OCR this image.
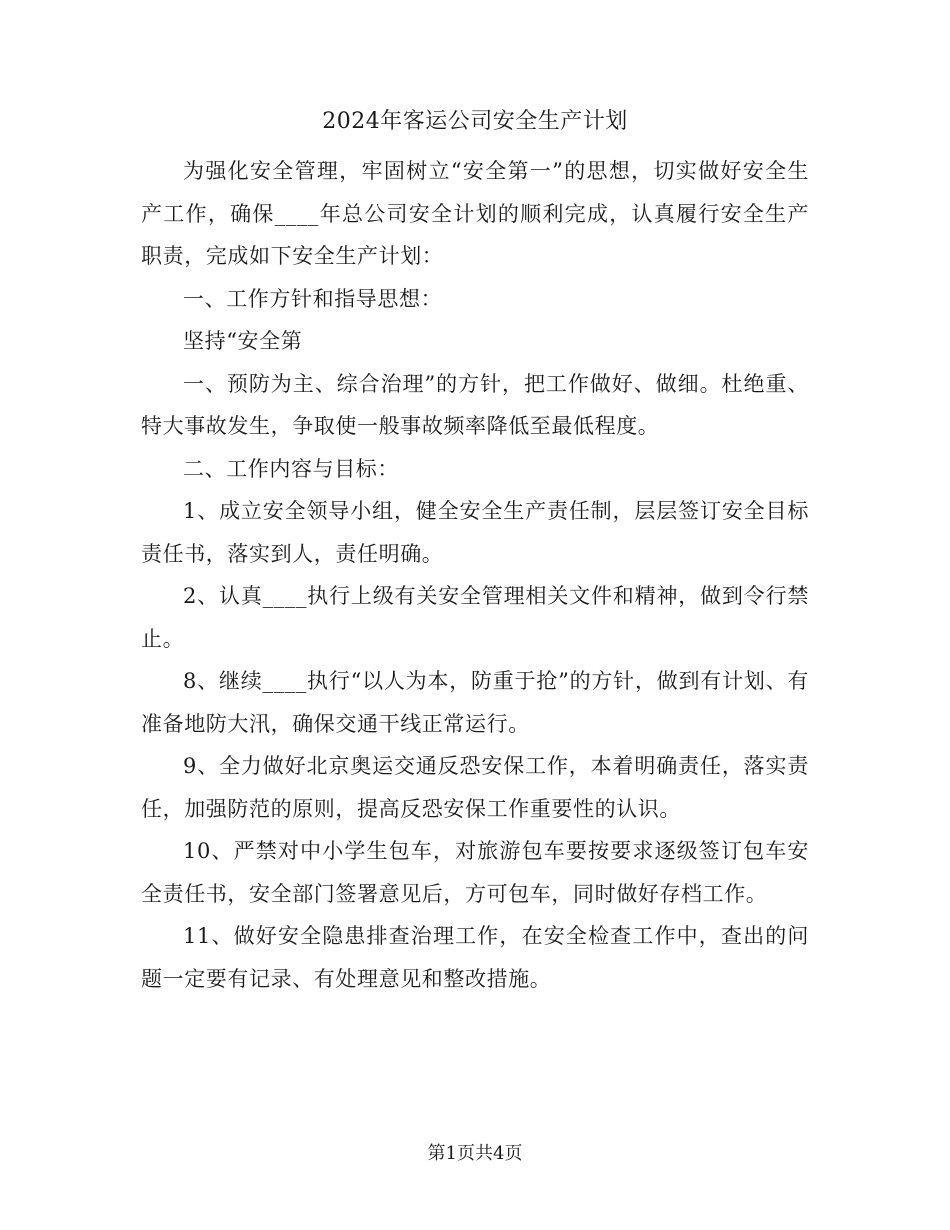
2024年客运公司安全生产计划

为强化安全管理，牢固树立“安全第一”的思想，切实做好安全生产工作，确保____年总公司安全计划的顺利完成，认真履行安全生产职责，完成如下安全生产计划：

一、工作方针和指导思想：

坚持“安全第

一、预防为主、综合治理”的方针，把工作做好、做细。杜绝重、特大事故发生，争取使一般事故频率降低至最低程度。

二、工作内容与目标：

1、成立安全领导小组，健全安全生产责任制，层层签订安全目标责任书，落实到人，责任明确。

2、认真____执行上级有关安全管理相关文件和精神，做到令行禁止。

8、继续____执行“以人为本，防重于抢”的方针，做到有计划、有准备地防大汛，确保交通干线正常运行。

9、全力做好北京奥运交通反恐安保工作，本着明确责任，落实责任，加强防范的原则，提高反恐安保工作重要性的认识。

10、严禁对中小学生包车，对旅游包车要按要求逐级签订包车安全责任书，安全部门签署意见后，方可包车，同时做好存档工作。

11、做好安全隐患排查治理工作，在安全检查工作中，查出的问题一定要有记录、有处理意见和整改措施。

第1页共4页
